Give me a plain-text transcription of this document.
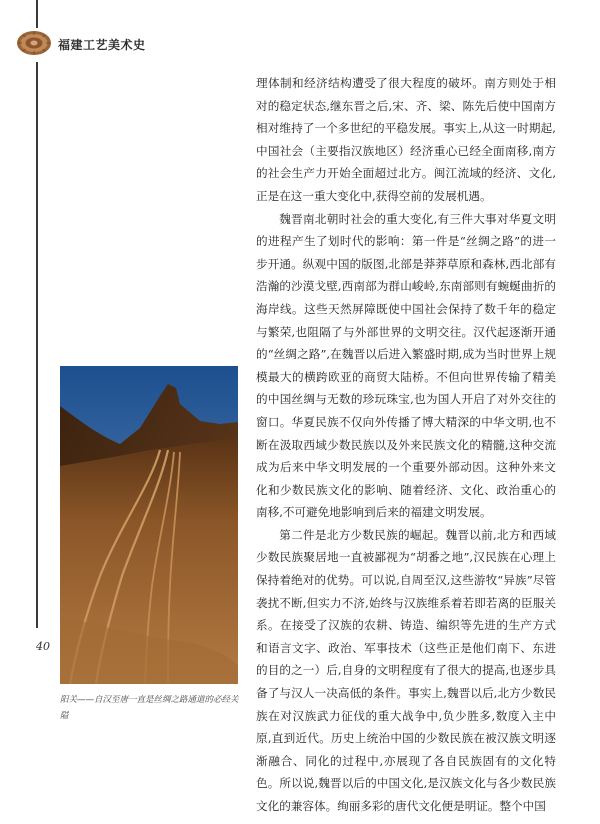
福建工艺美术史
阳关——自汉至唐一直是丝绸之路通道的必经关隘
40

理体制和经济结构遭受了很大程度的破坏。南方则处于相对的稳定状态,继东晋之后,宋、齐、梁、陈先后使中国南方相对维持了一个多世纪的平稳发展。事实上,从这一时期起,中国社会（主要指汉族地区）经济重心已经全面南移,南方的社会生产力开始全面超过北方。闽江流域的经济、文化,正是在这一重大变化中,获得空前的发展机遇。

魏晋南北朝时社会的重大变化,有三件大事对华夏文明的进程产生了划时代的影响：第一件是“丝绸之路”的进一步开通。纵观中国的版图,北部是莽莽草原和森林,西北部有浩瀚的沙漠戈壁,西南部为群山峻岭,东南部则有蜿蜒曲折的海岸线。这些天然屏障既使中国社会保持了数千年的稳定与繁荣,也阻隔了与外部世界的文明交往。汉代起逐渐开通的“丝绸之路”,在魏晋以后进入繁盛时期,成为当时世界上规模最大的横跨欧亚的商贸大陆桥。不但向世界传输了精美的中国丝绸与无数的珍玩珠宝,也为国人开启了对外交往的窗口。华夏民族不仅向外传播了博大精深的中华文明,也不断在汲取西域少数民族以及外来民族文化的精髓,这种交流成为后来中华文明发展的一个重要外部动因。这种外来文化和少数民族文化的影响、随着经济、文化、政治重心的南移,不可避免地影响到后来的福建文明发展。

第二件是北方少数民族的崛起。魏晋以前,北方和西域少数民族聚居地一直被鄙视为“胡番之地”,汉民族在心理上保持着绝对的优势。可以说,自周至汉,这些游牧“异族”尽管袭扰不断,但实力不济,始终与汉族维系着若即若离的臣服关系。在接受了汉族的农耕、铸造、编织等先进的生产方式和语言文字、政治、军事技术（这些正是他们南下、东进的目的之一）后,自身的文明程度有了很大的提高,也逐步具备了与汉人一决高低的条件。事实上,魏晋以后,北方少数民族在对汉族武力征伐的重大战争中,负少胜多,数度入主中原,直到近代。历史上统治中国的少数民族在被汉族文明逐渐融合、同化的过程中,亦展现了各自民族固有的文化特色。所以说,魏晋以后的中国文化,是汉族文化与各少数民族文化的兼容体。绚丽多彩的唐代文化便是明证。整个中国
